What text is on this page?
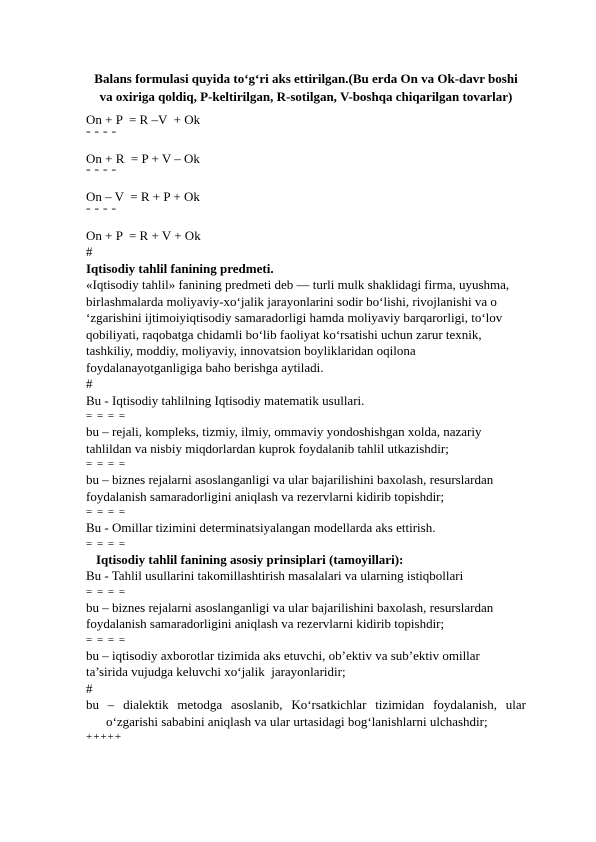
Balans formulasi quyida to‘g‘ri aks ettirilgan.(Bu erda On va Ok-davr boshi
va oxiriga qoldiq, P-keltirilgan, R-sotilgan, V-boshqa chiqarilgan tovarlar)
On + P  = R –V  + Ok
= = = =
On + R  = P + V – Ok
= = = =
On – V  = R + P + Ok
= = = =
On + P  = R + V + Ok
#
Iqtisodiy tahlil fanining predmeti.
«Iqtisodiy tahlil» fanining predmeti deb — turli mulk shaklidagi firma, uyushma,
birlashmalarda moliyaviy-xo‘jalik jarayonlarini sodir bo‘lishi, rivojlanishi va o
‘zgarishini ijtimoiyiqtisodiy samaradorligi hamda moliyaviy barqarorligi, to‘lov
qobiliyati, raqobatga chidamli bo‘lib faoliyat ko‘rsatishi uchun zarur texnik,
tashkiliy, moddiy, moliyaviy, innovatsion boyliklaridan oqilona
foydalanayotganligiga baho berishga aytiladi.
#
Bu - Iqtisodiy tahlilning Iqtisodiy matematik usullari.
= = = =
bu – rejali, kompleks, tizmiy, ilmiy, ommaviy yondoshishgan xolda, nazariy
tahlildan va nisbiy miqdorlardan kuprok foydalanib tahlil utkazishdir;
= = = =
bu – biznes rejalarni asoslanganligi va ular bajarilishini baxolash, resurslardan
foydalanish samaradorligini aniqlash va rezervlarni kidirib topishdir;
= = = =
Bu - Omillar tizimini determinatsiyalangan modellarda aks ettirish.
= = = =
Iqtisodiy tahlil fanining asosiy prinsiplari (tamoyillari):
Bu - Tahlil usullarini takomillashtirish masalalari va ularning istiqbollari
= = = =
bu – biznes rejalarni asoslanganligi va ular bajarilishini baxolash, resurslardan
foydalanish samaradorligini aniqlash va rezervlarni kidirib topishdir;
= = = =
bu – iqtisodiy axborotlar tizimida aks etuvchi, ob’ektiv va sub’ektiv omillar
ta’sirida vujudga keluvchi xo‘jalik  jarayonlaridir;
#
bu – dialektik metodga asoslanib, Ko‘rsatkichlar tizimidan foydalanish, ular
o‘zgarishi sababini aniqlash va ular urtasidagi bog‘lanishlarni ulchashdir;
+++++
